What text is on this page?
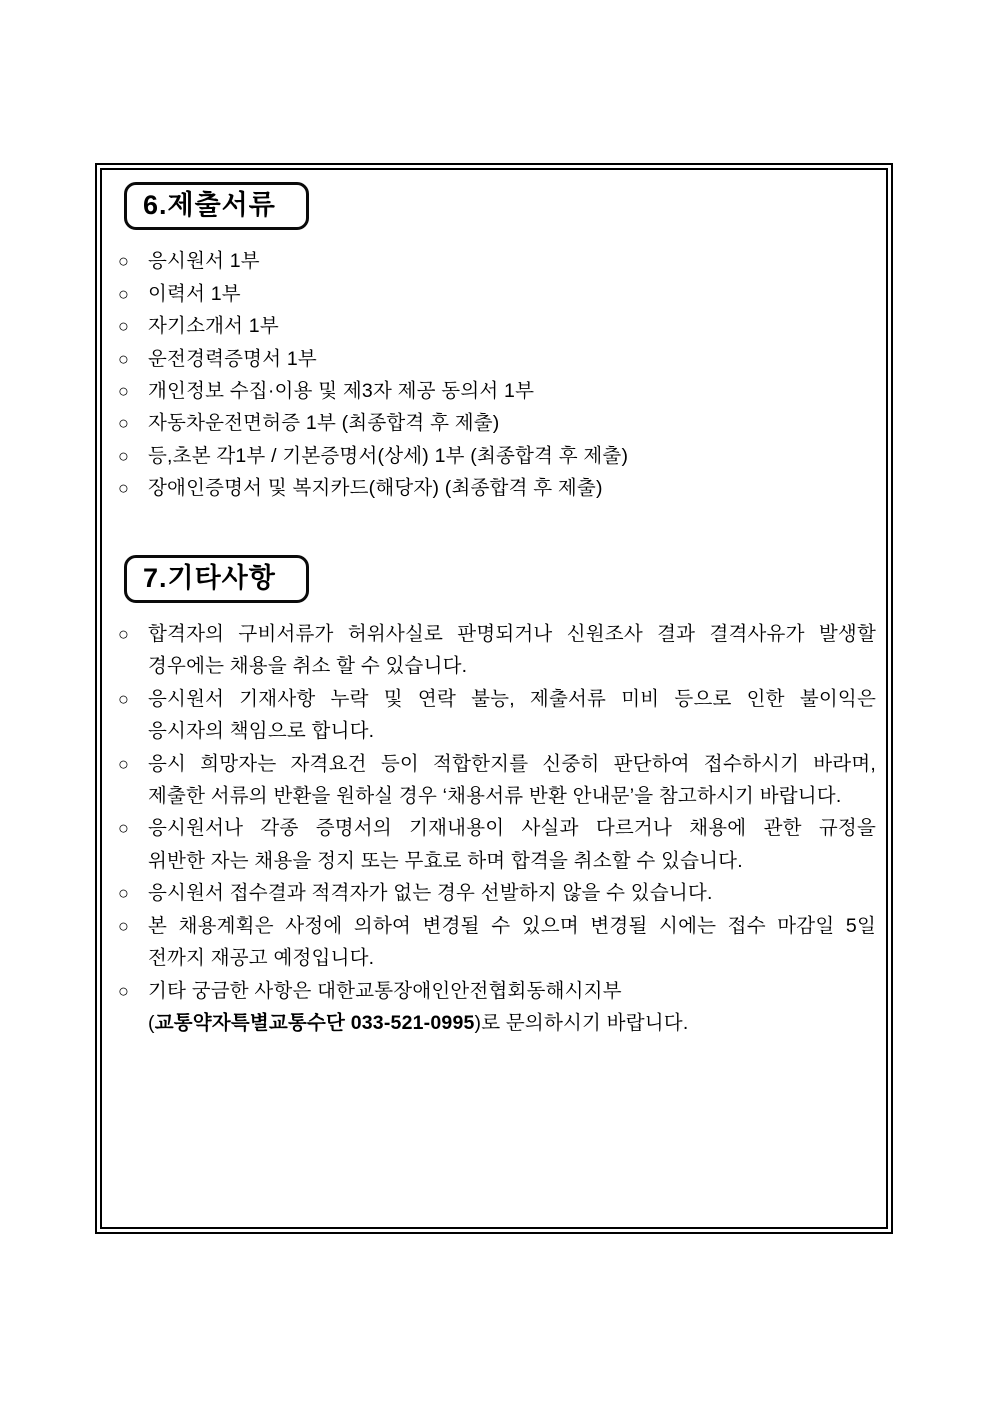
6.제출서류
○ 응시원서 1부
○ 이력서 1부
○ 자기소개서 1부
○ 운전경력증명서 1부
○ 개인정보 수집·이용 및 제3자 제공 동의서 1부
○ 자동차운전면허증 1부 (최종합격 후 제출)
○ 등,초본 각1부 / 기본증명서(상세) 1부 (최종합격 후 제출)
○ 장애인증명서 및 복지카드(해당자) (최종합격 후 제출)
7.기타사항
○ 합격자의 구비서류가 허위사실로 판명되거나 신원조사 결과 결격사유가 발생할
경우에는 채용을 취소 할 수 있습니다.
○ 응시원서 기재사항 누락 및 연락 불능, 제출서류 미비 등으로 인한 불이익은
응시자의 책임으로 합니다.
○ 응시 희망자는 자격요건 등이 적합한지를 신중히 판단하여 접수하시기 바라며,
제출한 서류의 반환을 원하실 경우 ‘채용서류 반환 안내문’을 참고하시기 바랍니다.
○ 응시원서나 각종 증명서의 기재내용이 사실과 다르거나 채용에 관한 규정을
위반한 자는 채용을 정지 또는 무효로 하며 합격을 취소할 수 있습니다.
○ 응시원서 접수결과 적격자가 없는 경우 선발하지 않을 수 있습니다.
○ 본 채용계획은 사정에 의하여 변경될 수 있으며 변경될 시에는 접수 마감일 5일
전까지 재공고 예정입니다.
○ 기타 궁금한 사항은 대한교통장애인안전협회동해시지부
(교통약자특별교통수단 033-521-0995)로 문의하시기 바랍니다.
